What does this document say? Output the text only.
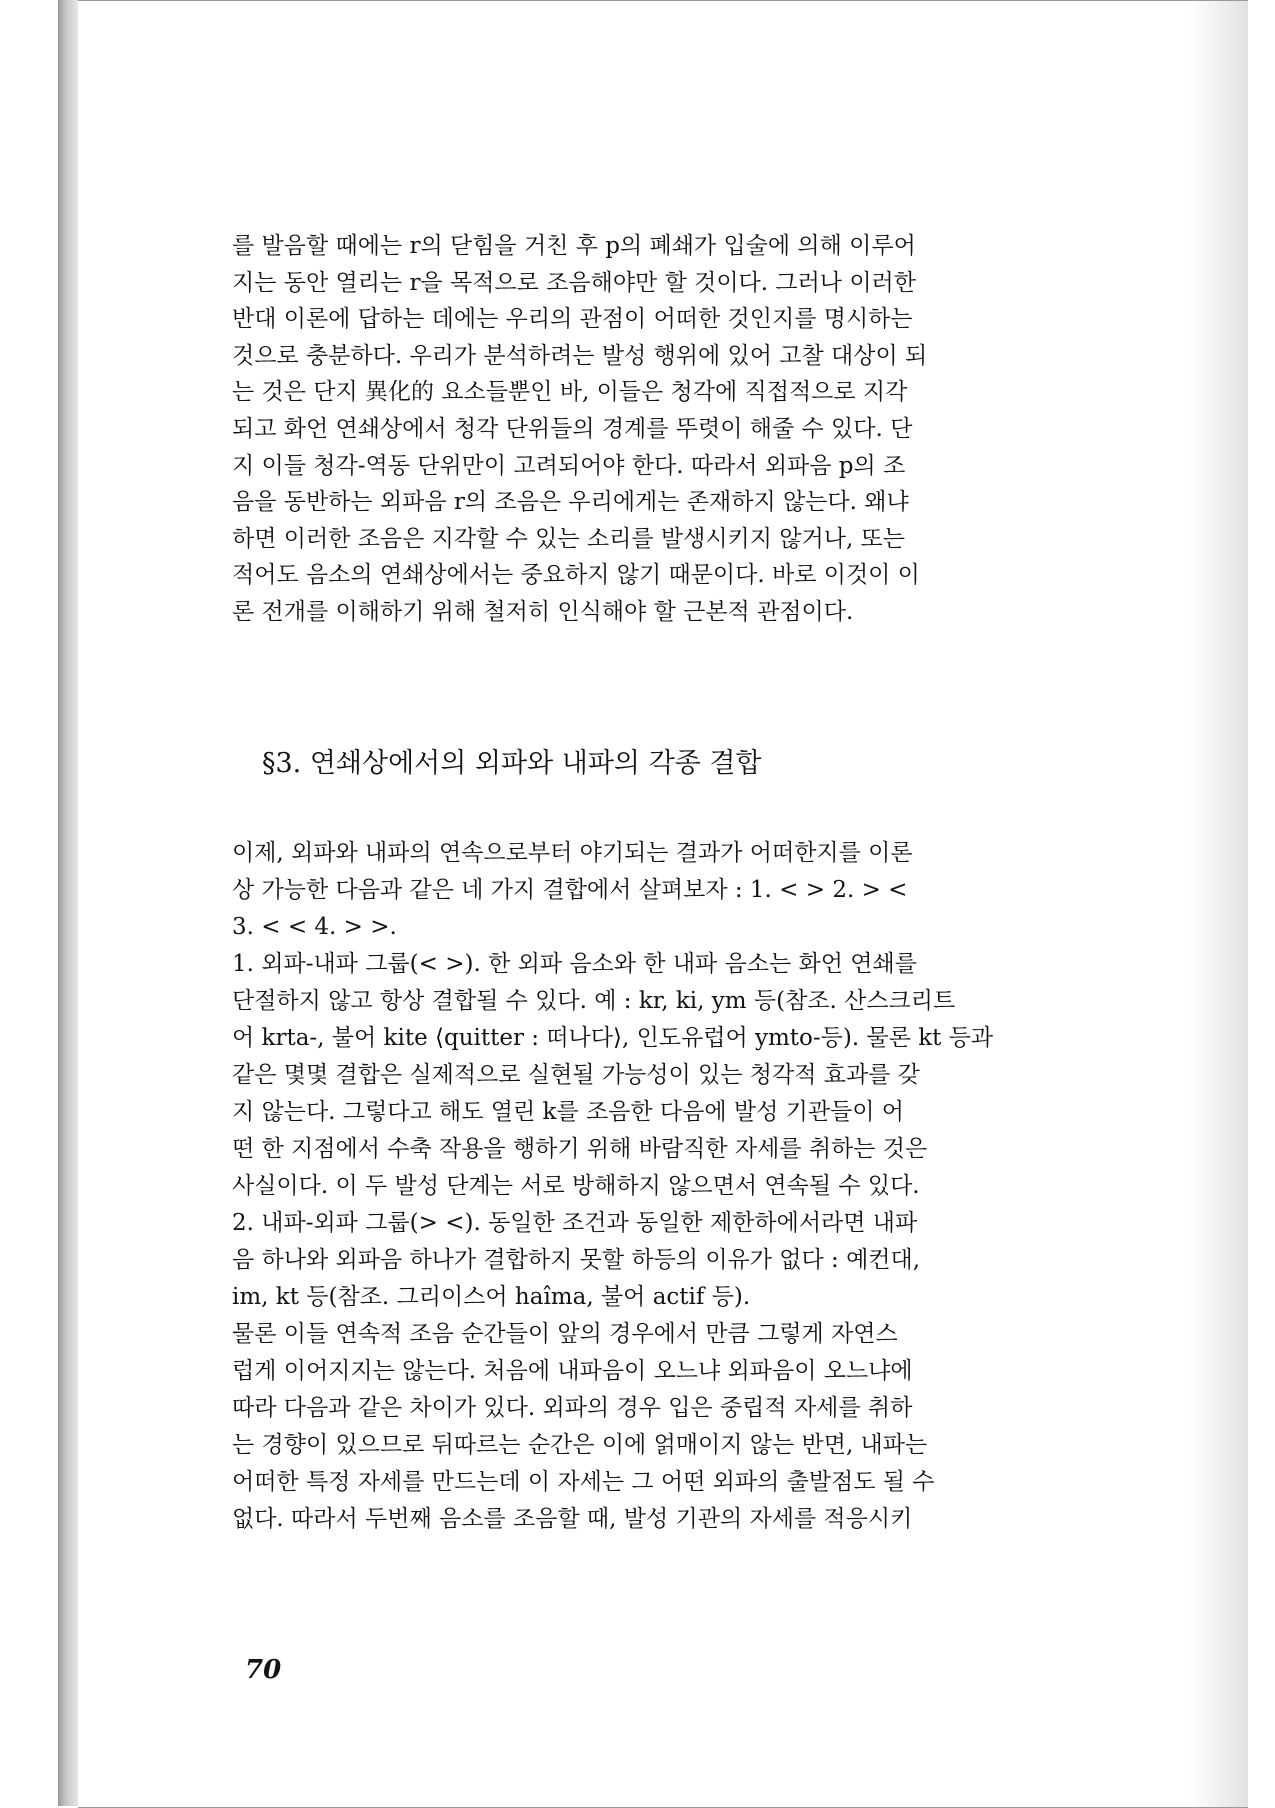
를 발음할 때에는 r의 닫힘을 거친 후 p의 폐쇄가 입술에 의해 이루어

지는 동안 열리는 r을 목적으로 조음해야만 할 것이다. 그러나 이러한

반대 이론에 답하는 데에는 우리의 관점이 어떠한 것인지를 명시하는

것으로 충분하다. 우리가 분석하려는 발성 행위에 있어 고찰 대상이 되

는 것은 단지 異化的 요소들뿐인 바, 이들은 청각에 직접적으로 지각

되고 화언 연쇄상에서 청각 단위들의 경계를 뚜렷이 해줄 수 있다. 단

지 이들 청각-역동 단위만이 고려되어야 한다. 따라서 외파음 p의 조

음을 동반하는 외파음 r의 조음은 우리에게는 존재하지 않는다. 왜냐

하면 이러한 조음은 지각할 수 있는 소리를 발생시키지 않거나, 또는

적어도 음소의 연쇄상에서는 중요하지 않기 때문이다. 바로 이것이 이

론 전개를 이해하기 위해 철저히 인식해야 할 근본적 관점이다.

§3. 연쇄상에서의 외파와 내파의 각종 결합

이제, 외파와 내파의 연속으로부터 야기되는 결과가 어떠한지를 이론

상 가능한 다음과 같은 네 가지 결합에서 살펴보자 : 1. < > 2. > <

3. < < 4. > >.

1. 외파-내파 그룹(< >). 한 외파 음소와 한 내파 음소는 화언 연쇄를

단절하지 않고 항상 결합될 수 있다. 예 : kr, ki, ym 등(참조. 산스크리트

어 krta-, 불어 kite ⟨quitter : 떠나다⟩, 인도유럽어 ymto-등). 물론 kt 등과

같은 몇몇 결합은 실제적으로 실현될 가능성이 있는 청각적 효과를 갖

지 않는다. 그렇다고 해도 열린 k를 조음한 다음에 발성 기관들이 어

떤 한 지점에서 수축 작용을 행하기 위해 바람직한 자세를 취하는 것은

사실이다. 이 두 발성 단계는 서로 방해하지 않으면서 연속될 수 있다.

2. 내파-외파 그룹(> <). 동일한 조건과 동일한 제한하에서라면 내파

음 하나와 외파음 하나가 결합하지 못할 하등의 이유가 없다 : 예컨대,

im, kt 등(참조. 그리이스어 haîma, 불어 actif 등).

물론 이들 연속적 조음 순간들이 앞의 경우에서 만큼 그렇게 자연스

럽게 이어지지는 않는다. 처음에 내파음이 오느냐 외파음이 오느냐에

따라 다음과 같은 차이가 있다. 외파의 경우 입은 중립적 자세를 취하

는 경향이 있으므로 뒤따르는 순간은 이에 얽매이지 않는 반면, 내파는

어떠한 특정 자세를 만드는데 이 자세는 그 어떤 외파의 출발점도 될 수

없다. 따라서 두번째 음소를 조음할 때, 발성 기관의 자세를 적응시키

70
